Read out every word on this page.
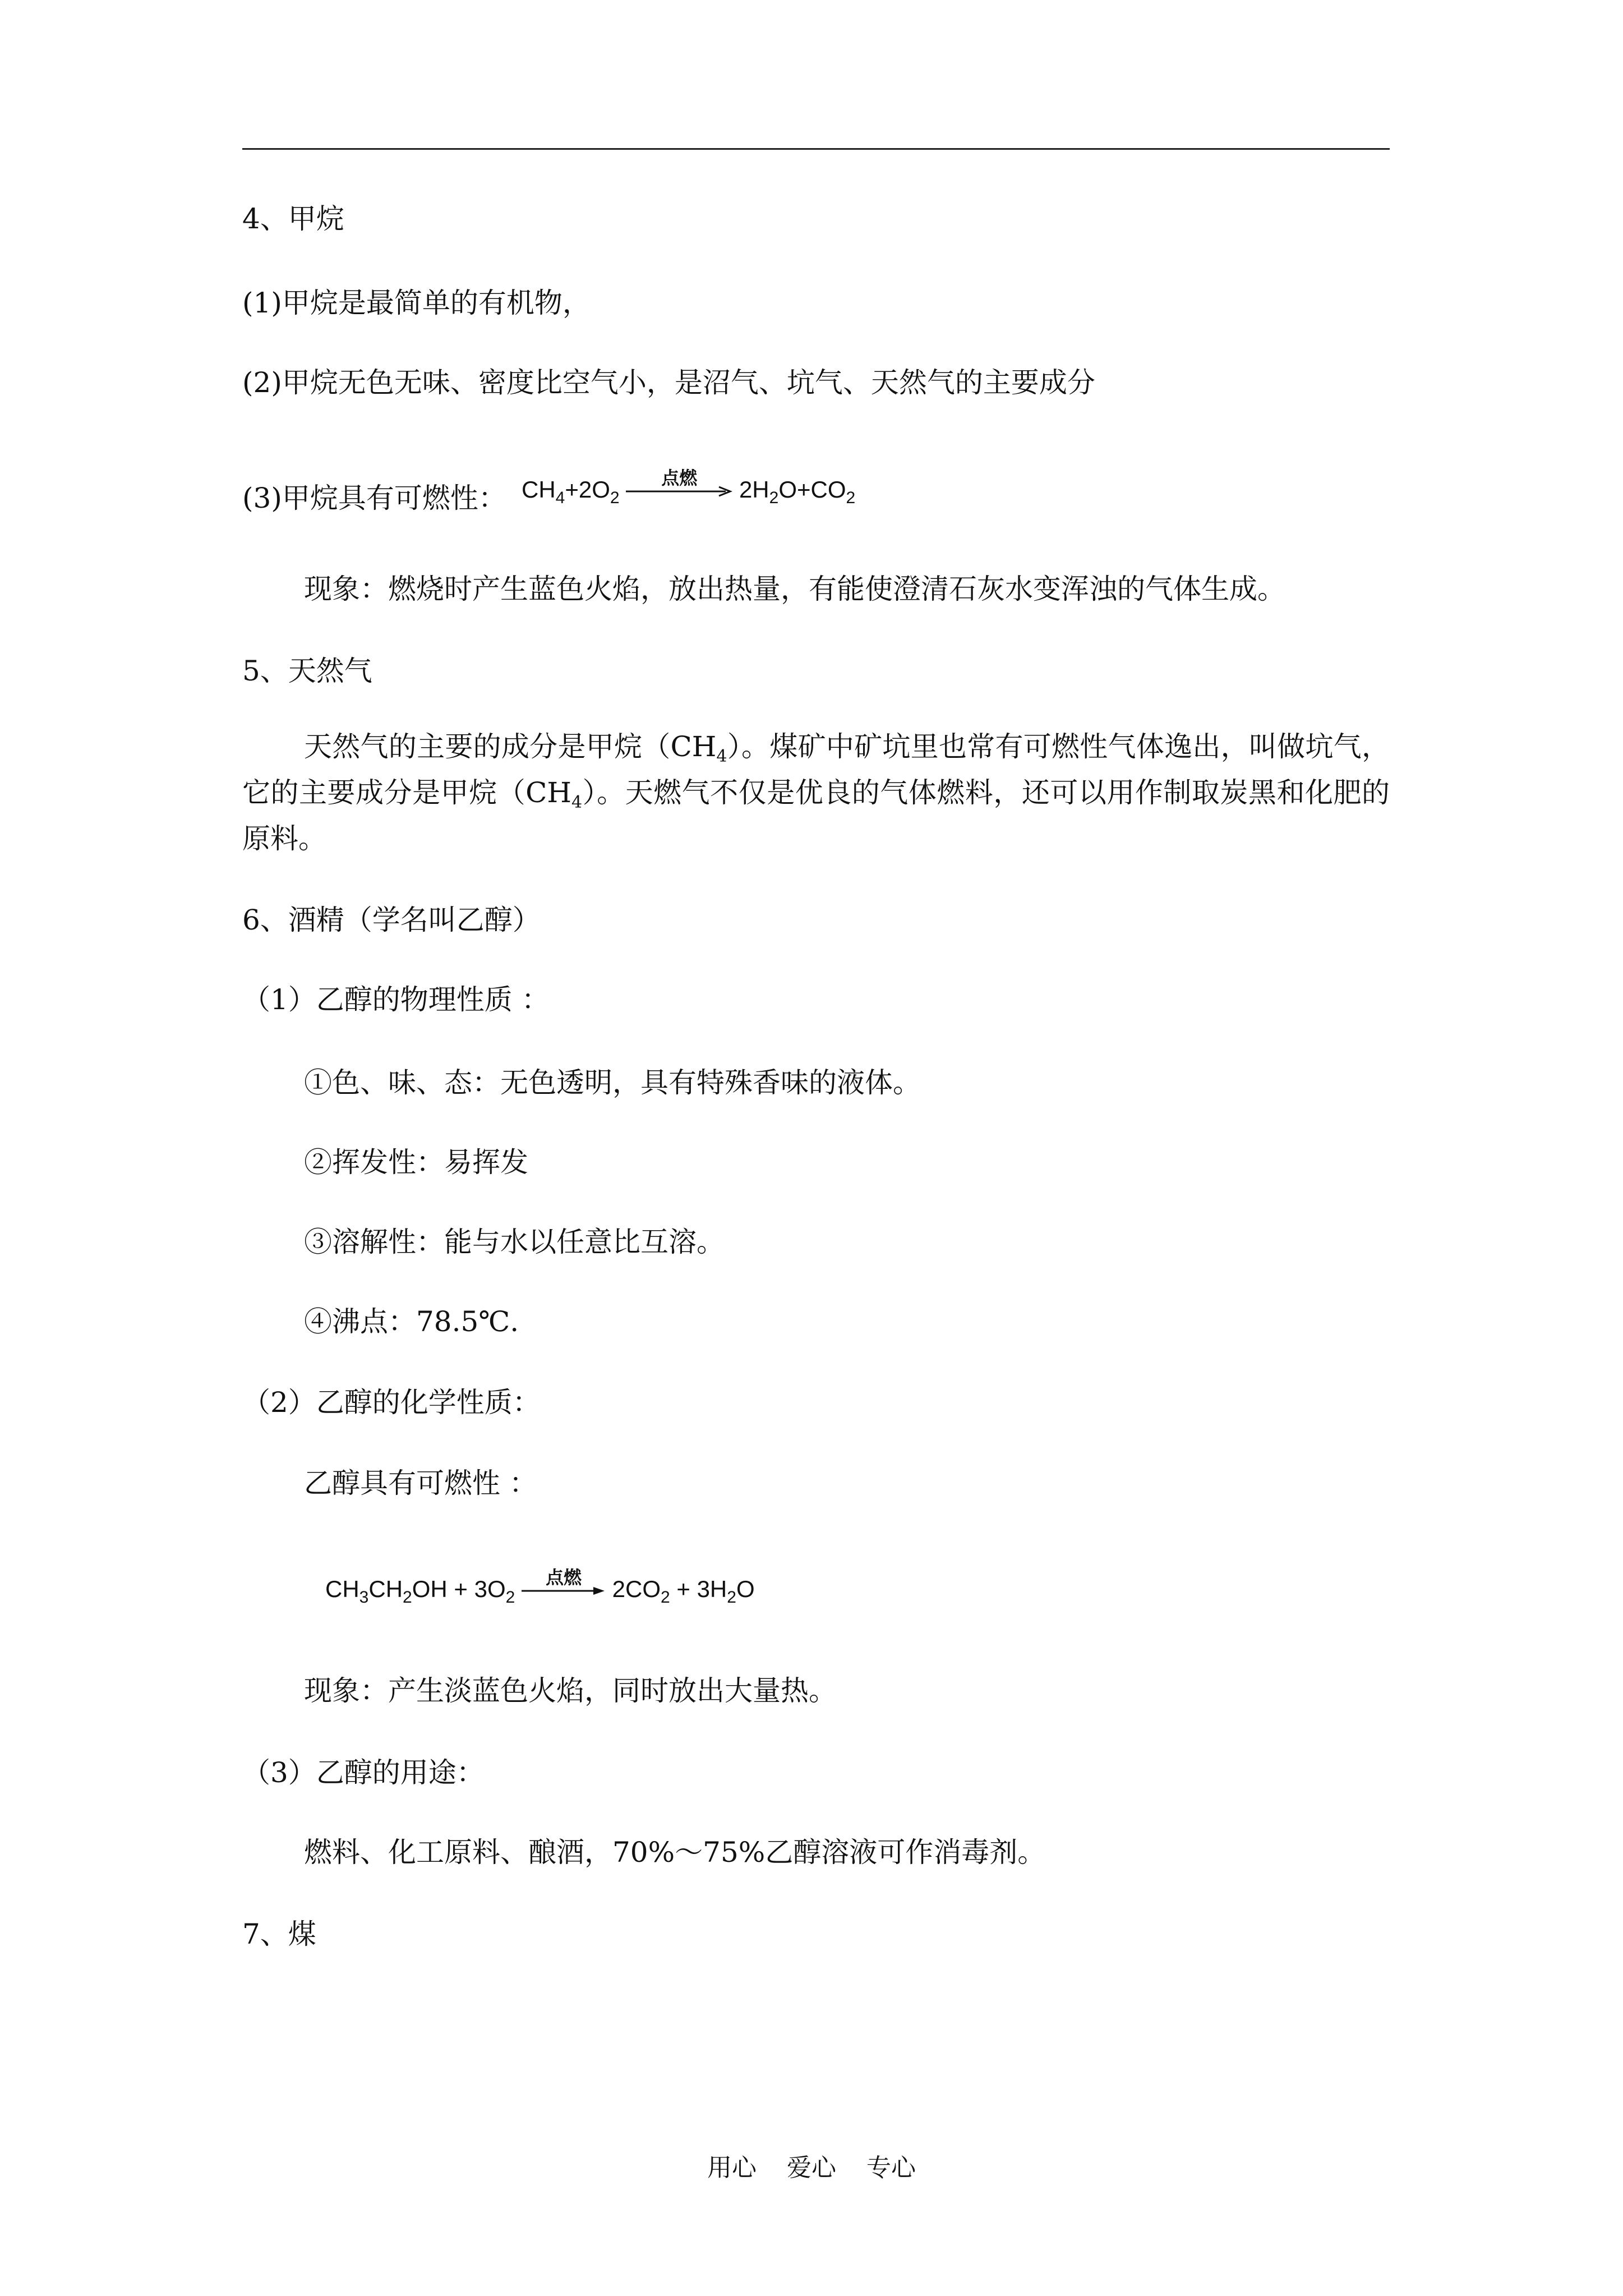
4、甲烷
(1)甲烷是最简单的有机物，
(2)甲烷无色无味、密度比空气小，是沼气、坑气、天然气的主要成分
(3)甲烷具有可燃性： $CH_4+2O_2$
点燃 $2H_2O+CO_2$
现象：燃烧时产生蓝色火焰，放出热量，有能使澄清石灰水变浑浊的气体生成。
5、天然气
天然气的主要的成分是甲烷$(CH_4)$。煤矿中矿坑里也常有可燃性气体逸出，叫做坑气，它的主要成分是甲烷$(CH_4)$。天燃气不仅是优良的气体燃料，还可以用作制取炭黑和化肥的原料。
6、酒精（学名叫乙醇）
（1）乙醇的物理性质 ：
①色、味、态：无色透明，具有特殊香味的液体。
②挥发性：易挥发
③溶解性：能与水以任意比互溶。
④沸点：78.5℃.
（2）乙醇的化学性质：
乙醇具有可燃性 ：
$CH_3CH_2OH + 3O_2$
点燃 $2CO_2 + 3H_2O$
现象：产生淡蓝色火焰，同时放出大量热。
（3）乙醇的用途：
燃料、化工原料、酿酒，70%～75%乙醇溶液可作消毒剂。
7、煤
用心 爱心 专心
